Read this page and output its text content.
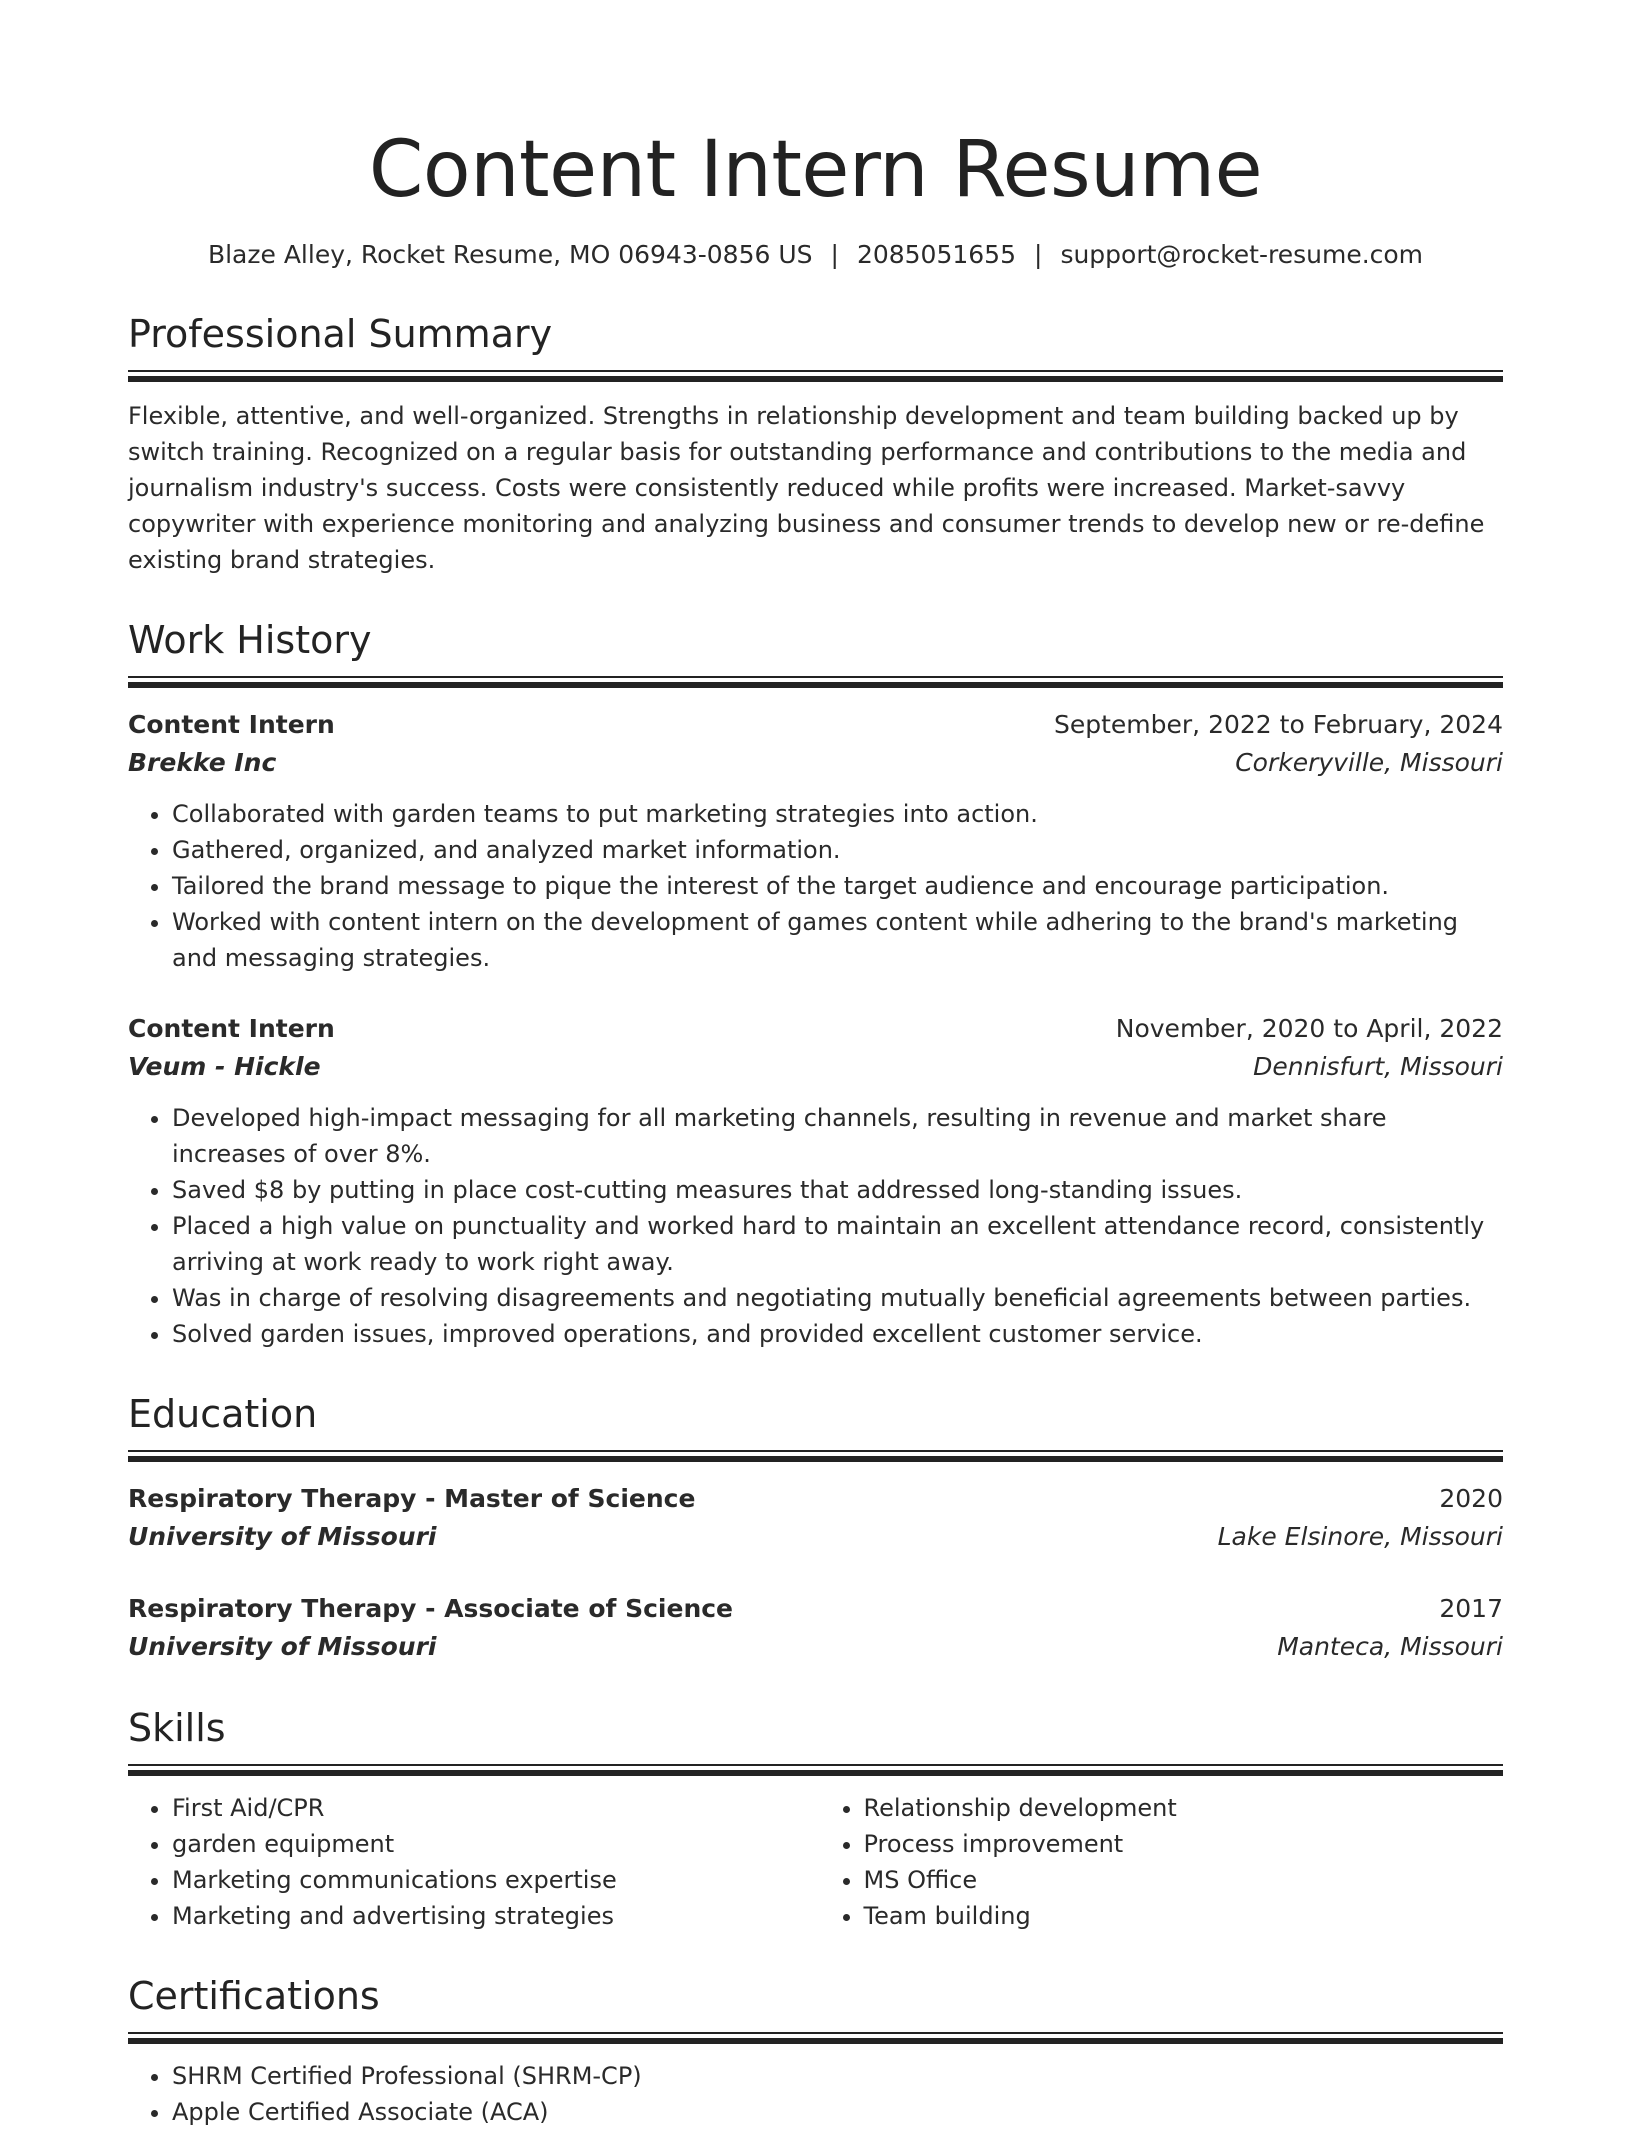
Content Intern Resume
Blaze Alley, Rocket Resume, MO 06943-0856 US | 2085051655 | support@rocket-resume.com
Professional Summary

Flexible, attentive, and well-organized. Strengths in relationship development and team building backed up by switch training. Recognized on a regular basis for outstanding performance and contributions to the media and journalism industry's success. Costs were consistently reduced while profits were increased. Market-savvy copywriter with experience monitoring and analyzing business and consumer trends to develop new or re-define existing brand strategies.

Work History
Content Intern	September, 2022 to February, 2024
Brekke Inc	Corkeryville, Missouri
• Collaborated with garden teams to put marketing strategies into action.
• Gathered, organized, and analyzed market information.
• Tailored the brand message to pique the interest of the target audience and encourage participation.
• Worked with content intern on the development of games content while adhering to the brand's marketing and messaging strategies.
Content Intern	November, 2020 to April, 2022
Veum - Hickle	Dennisfurt, Missouri
• Developed high-impact messaging for all marketing channels, resulting in revenue and market share increases of over 8%.
• Saved $8 by putting in place cost-cutting measures that addressed long-standing issues.
• Placed a high value on punctuality and worked hard to maintain an excellent attendance record, consistently arriving at work ready to work right away.
• Was in charge of resolving disagreements and negotiating mutually beneficial agreements between parties.
• Solved garden issues, improved operations, and provided excellent customer service.
Education
Respiratory Therapy - Master of Science	2020
University of Missouri	Lake Elsinore, Missouri
Respiratory Therapy - Associate of Science	2017
University of Missouri	Manteca, Missouri
Skills
• First Aid/CPR
• garden equipment
• Marketing communications expertise
• Marketing and advertising strategies
• Relationship development
• Process improvement
• MS Office
• Team building
Certifications
• SHRM Certified Professional (SHRM-CP)
• Apple Certified Associate (ACA)
